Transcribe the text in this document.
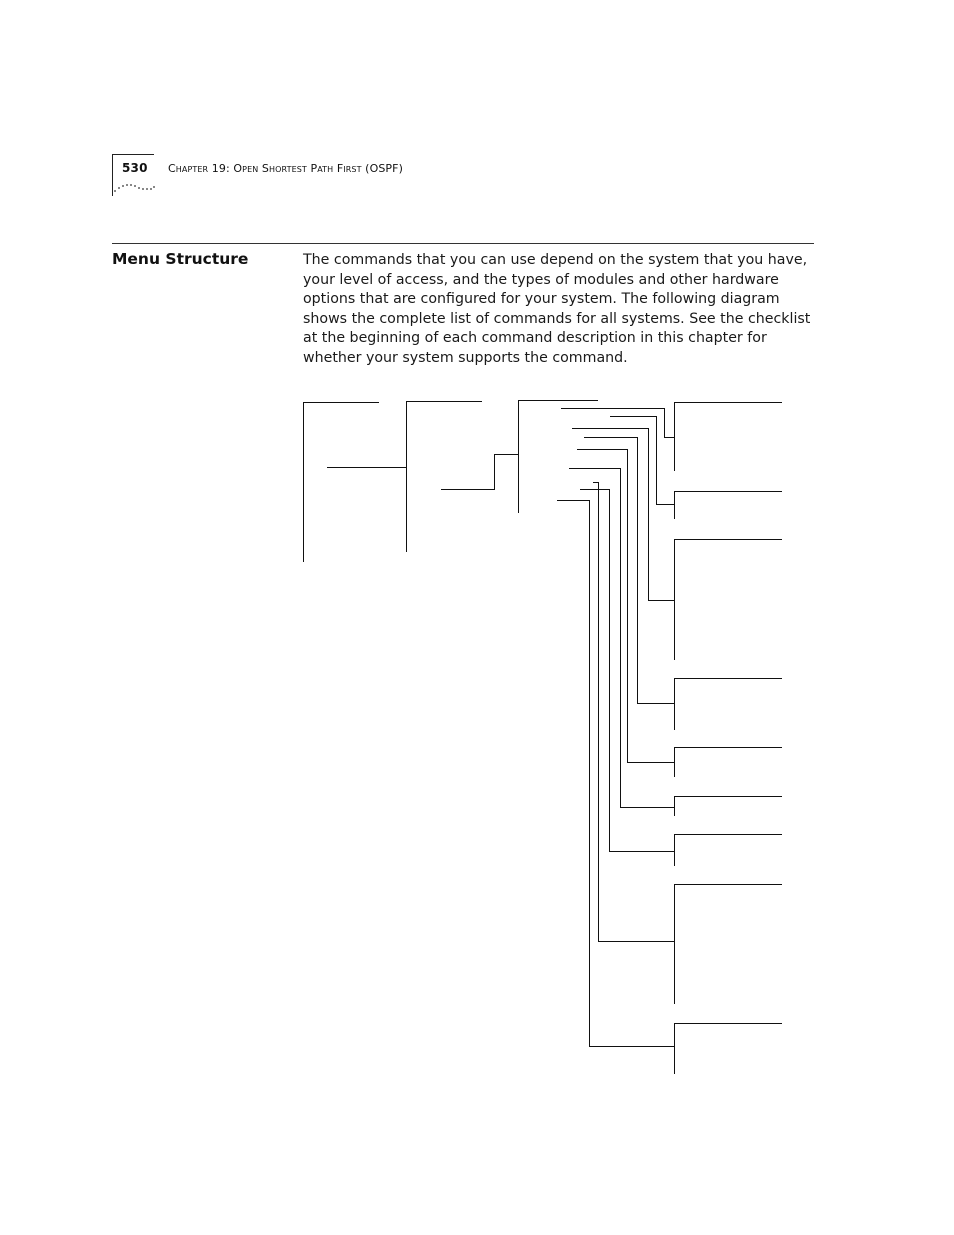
530 Chapter 19: Open Shortest Path First (OSPF)
Menu Structure	The commands that you can use depend on the system that you have, your level of access, and the types of modules and other hardware options that are configured for your system. The following diagram shows the complete list of commands for all systems. See the checklist at the beginning of each command description in this chapter for whether your system supports the command.
